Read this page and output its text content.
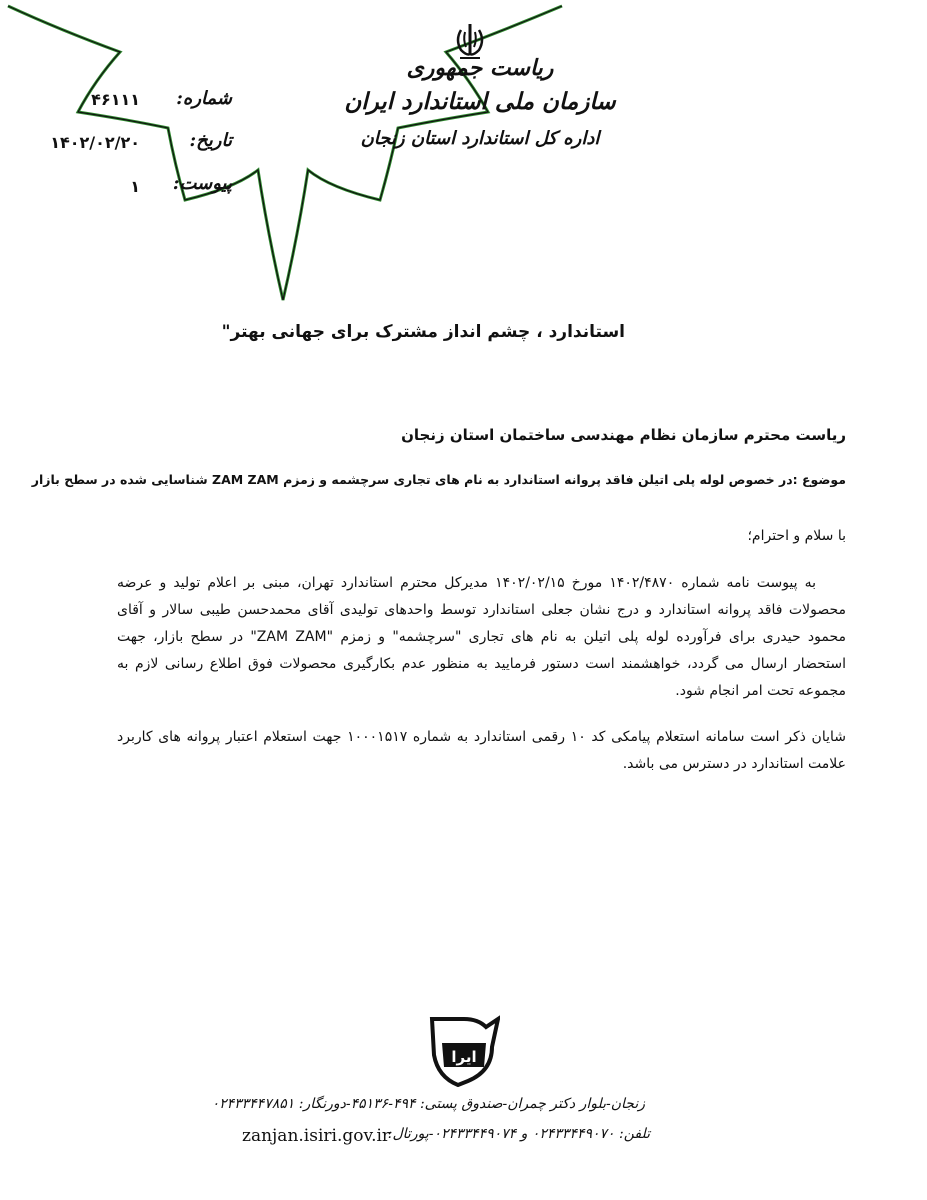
ریاست جمهوری
سازمان ملی استاندارد ایران
اداره کل استاندارد استان زنجان
شماره:
۴۶۱۱۱
تاریخ:
۱۴۰۲/۰۲/۲۰
پیوست:
۱
استاندارد ، چشم انداز مشترک برای جهانی بهتر"
ریاست محترم سازمان نظام مهندسی ساختمان استان زنجان
موضوع :در خصوص لوله پلی اتیلن فاقد پروانه استاندارد به نام های تجاری سرچشمه و زمزم ZAM ZAM شناسایی شده در سطح بازار
با سلام و احترام؛
به پیوست نامه شماره ۱۴۰۲/۴۸۷۰ مورخ ۱۴۰۲/۰۲/۱۵ مدیرکل محترم استاندارد تهران، مبنی بر اعلام تولید و عرضه محصولات فاقد پروانه استاندارد و درج نشان جعلی استاندارد توسط واحدهای تولیدی آقای محمدحسن طیبی سالار و آقای محمود حیدری برای فرآورده لوله پلی اتیلن به نام های تجاری "سرچشمه" و زمزم "ZAM ZAM" در سطح بازار، جهت استحضار ارسال می گردد، خواهشمند است دستور فرمایید به منظور عدم بکارگیری محصولات فوق اطلاع رسانی لازم به مجموعه تحت امر انجام شود.
شایان ذکر است سامانه استعلام پیامکی کد ۱۰ رقمی استاندارد به شماره ۱۰۰۰۱۵۱۷ جهت استعلام اعتبار پروانه های کاربرد علامت استاندارد در دسترس می باشد.
ایرا
زنجان-بلوار دکتر چمران-صندوق پستی: ۴۹۴-۴۵۱۳۶-دورنگار: ۰۲۴۳۳۴۴۷۸۵۱
تلفن: ۰۲۴۳۳۴۴۹۰۷۰ و ۰۲۴۳۳۴۴۹۰۷۴-پورتال:
zanjan.isiri.gov.ir
